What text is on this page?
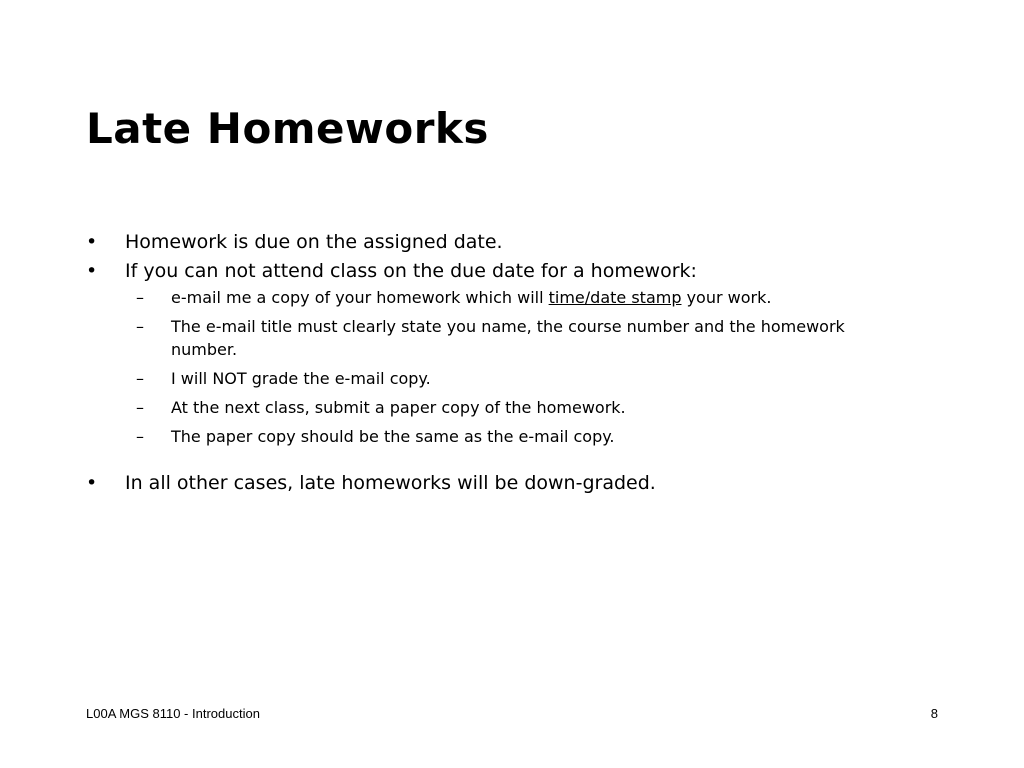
Late Homeworks
• Homework is due on the assigned date.
• If you can not attend class on the due date for a homework:
– e-mail me a copy of your homework which will time/date stamp your work.
– The e-mail title must clearly state you name, the course number and the homework number.
– I will NOT grade the e-mail copy.
– At the next class, submit a paper copy of the homework.
– The paper copy should be the same as the e-mail copy.
• In all other cases, late homeworks will be down-graded.
L00A MGS 8110 - Introduction	8
